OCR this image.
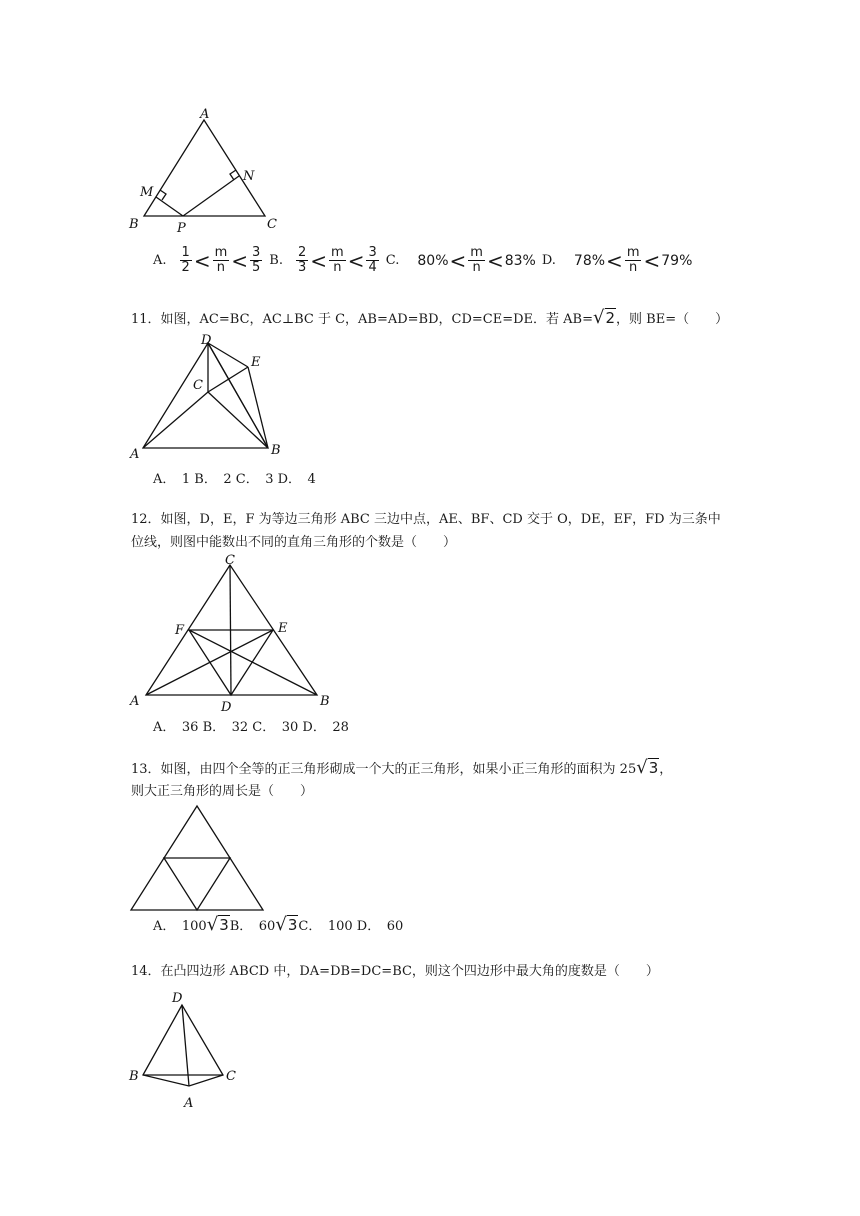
A
B	C
M
N
P
A. $\frac{1}{2} < \frac{m}{n} < \frac{3}{5} B$. $\frac{2}{3} < \frac{m}{n} < \frac{3}{4} C$. $80\% < \frac{m}{n} < 83\%$ D. $78\% < \frac{m}{n} < 79\%$
11．如图，AC=BC，AC⊥BC 于 C，AB=AD=BD，CD=CE=DE．若 AB=√2，则 BE=（　　）
D
E
C
A	B
A．　1 B．　2 C．　3 D．　4
12．如图，D，E，F 为等边三角形 ABC 三边中点，AE、BF、CD 交于 O，DE，EF，FD 为三条中
位线，则图中能数出不同的直角三角形的个数是（　　）
C
F	E
A	B
D
A．　36 B．　32 C．　30 D．　28
13．如图，由四个全等的正三角形砌成一个大的正三角形，如果小正三角形的面积为 25√3，
则大正三角形的周长是（　　）
A．　100 √3 B．　60 √3 C．　100 D．　60
14．在凸四边形 ABCD 中，DA=DB=DC=BC，则这个四边形中最大角的度数是（　　）
D
B	C
A
